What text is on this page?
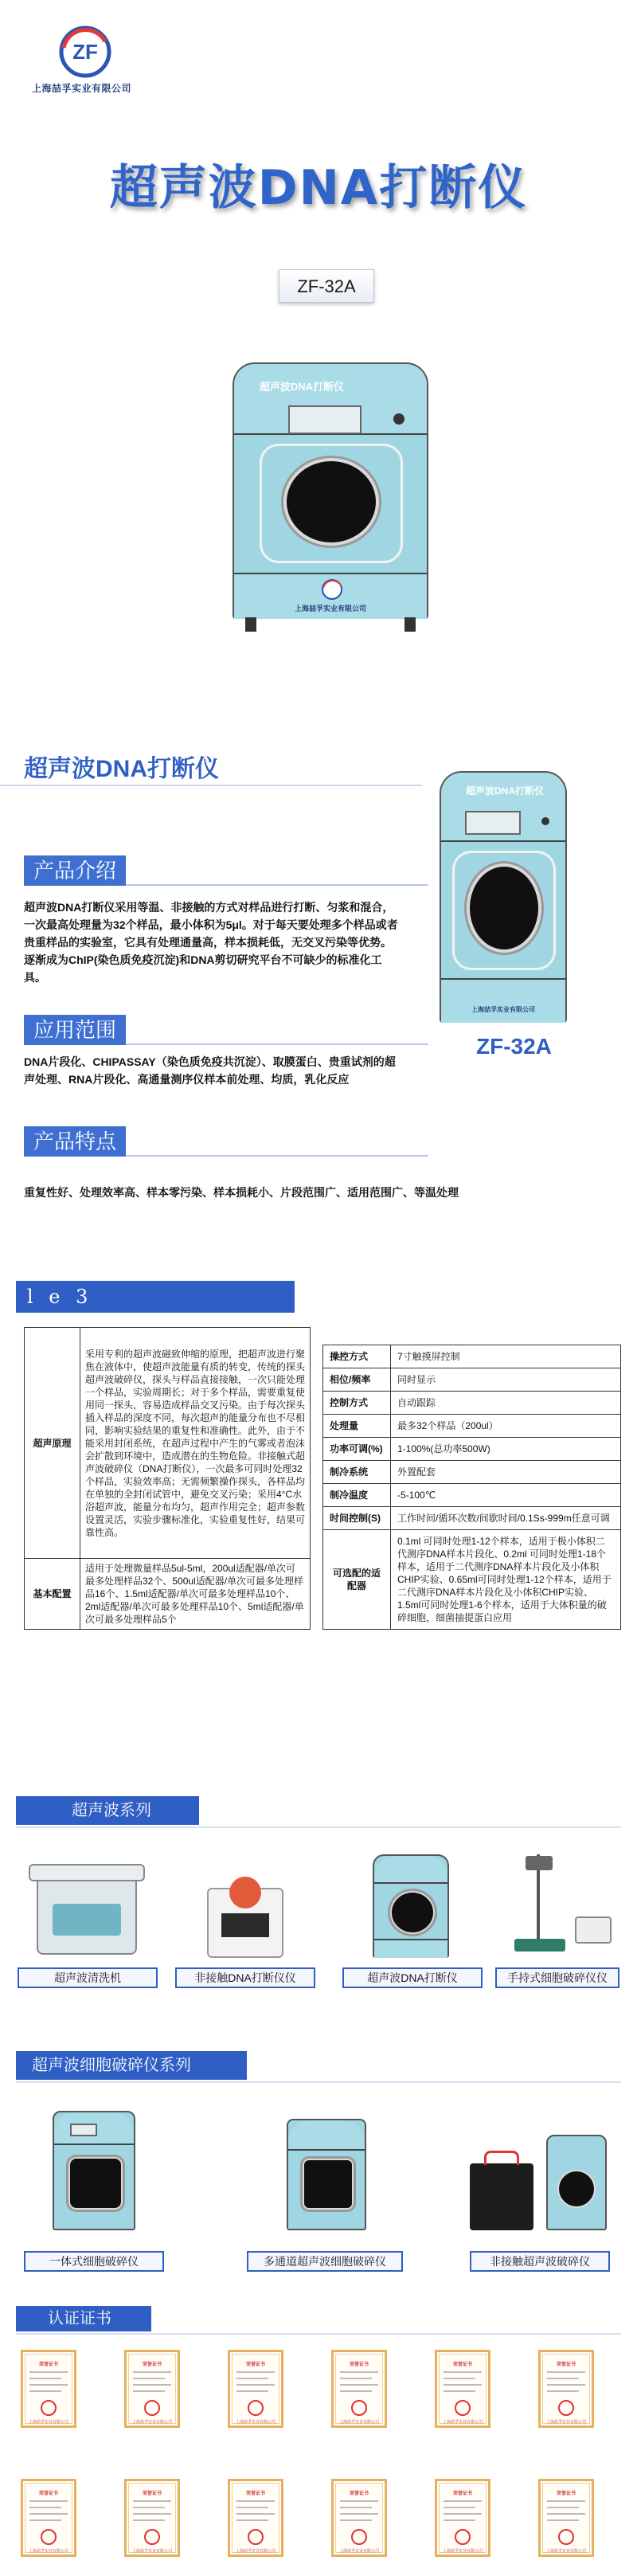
ZF
上海喆孚实业有限公司
超声波DNA打断仪
ZF-32A
超声波DNA打断仪
上海喆孚实业有限公司
超声波DNA打断仪
产品介绍
超声波DNA打断仪采用等温、非接触的方式对样品进行打断、匀浆和混合，一次最高处理量为32个样品，最小体积为5μl。对于每天要处理多个样品或者贵重样品的实验室，它具有处理通量高，样本损耗低，无交叉污染等优势。逐渐成为ChIP(染色质免疫沉淀)和DNA剪切研究平台不可缺少的标准化工具。
应用范围
DNA片段化、CHIPASSAY（染色质免疫共沉淀）、取膜蛋白、贵重试剂的超声处理、RNA片段化、高通量测序仪样本前处理、均质，乳化反应
产品特点
重复性好、处理效率高、样本零污染、样本损耗小、片段范围广、适用范围广、等温处理
超声波DNA打断仪
上海喆孚实业有限公司
ZF-32A
l e 3
超声原理	采用专利的超声波磁致伸缩的原理，把超声波进行聚焦在液体中，使超声波能量有质的转变，传统的探头超声波破碎仪，探头与样品直接接触，一次只能处理一个样品，实验周期长；对于多个样品，需要重复使用同一探头，容易造成样品交叉污染。由于每次探头插入样品的深度不同，每次超声的能量分布也不尽相同，影响实验结果的重复性和准确性。此外，由于不能采用封闭系统，在超声过程中产生的气雾或者泡沫会扩散到环境中，造成潜在的生物危险。非接触式超声波破碎仪（DNA打断仪），一次最多可同时处理32个样品，实验效率高；无需频繁操作探头，各样品均在单独的全封闭试管中，避免交叉污染；采用4°C水浴超声波，能量分布均匀，超声作用完全；超声参数设置灵活，实验步骤标准化，实验重复性好，结果可靠性高。
基本配置	适用于处理微量样品5ul-5ml，200ul适配器/单次可最多处理样品32个、500ul适配器/单次可最多处理样品16个、1.5ml适配器/单次可最多处理样品10个、2ml适配器/单次可最多处理样品10个、5ml适配器/单次可最多处理样品5个
操控方式	7寸触摸屏控制
相位/频率	同时显示
控制方式	自动跟踪
处理量	最多32个样品（200ul）
功率可调(%)	1-100%(总功率500W)
制冷系统	外置配套
制冷温度	-5-100℃
时间控制(S)	工作时间/循环次数/间歇时间/0.1Ss-999m任意可调
可选配的适配器	0.1ml 可同时处理1-12个样本，适用于极小体积二代测序DNA样本片段化、0.2ml 可同时处理1-18个样本，适用于二代测序DNA样本片段化及小体积CHIP实验、0.65ml可同时处理1-12个样本，适用于二代测序DNA样本片段化及小体积CHIP实验、1.5ml可同时处理1-6个样本，适用于大体积量的破碎细胞，细菌抽提蛋白应用
超声波系列
超声波清洗机	非接触DNA打断仪仪	超声波DNA打断仪	手持式细胞破碎仪仪
超声波细胞破碎仪系列
一体式细胞破碎仪	多通道超声波细胞破碎仪	非接触超声波破碎仪
认证证书
荣誉证书
上海喆孚实业有限公司
荣誉证书
上海喆孚实业有限公司
荣誉证书
上海喆孚实业有限公司
荣誉证书
上海喆孚实业有限公司
荣誉证书
上海喆孚实业有限公司
荣誉证书
上海喆孚实业有限公司
荣誉证书
上海喆孚实业有限公司
荣誉证书
上海喆孚实业有限公司
荣誉证书
上海喆孚实业有限公司
荣誉证书
上海喆孚实业有限公司
荣誉证书
上海喆孚实业有限公司
荣誉证书
上海喆孚实业有限公司
